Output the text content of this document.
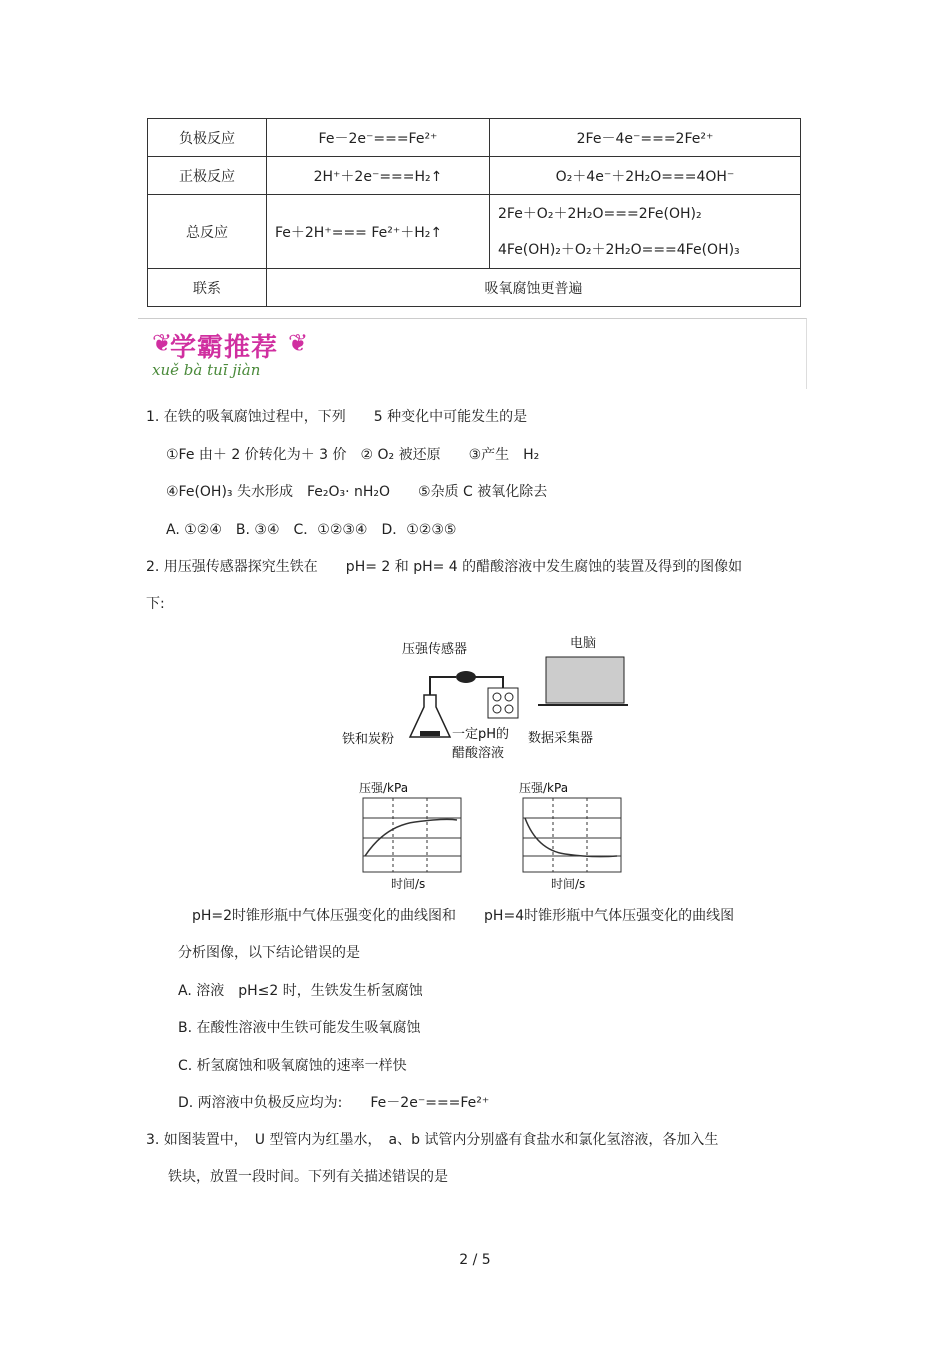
负极反应	Fe－2e⁻===Fe²⁺	2Fe－4e⁻===2Fe²⁺
正极反应	2H⁺＋2e⁻===H₂↑	O₂＋4e⁻＋2H₂O===4OH⁻
总反应	Fe＋2H⁺=== Fe²⁺＋H₂↑	2Fe＋O₂＋2H₂O===2Fe(OH)₂
4Fe(OH)₂＋O₂＋2H₂O===4Fe(OH)₃

联系	吸氧腐蚀更普遍	
❦
学霸推荐 ❦
xuě bà tuī jiàn
1. 在铁的吸氧腐蚀过程中，下列　　5 种变化中可能发生的是
①Fe 由＋ 2 价转化为＋ 3 价　② O₂ 被还原　　③产生　H₂
④Fe(OH)₃ 失水形成　Fe₂O₃· nH₂O　　⑤杂质 C 被氧化除去
A. ①②④　B. ③④　C．①②③④　D．①②③⑤
2. 用压强传感器探究生铁在　　pH= 2 和 pH= 4 的醋酸溶液中发生腐蚀的装置及得到的图像如
下:
压强传感器	电脑
铁和炭粉	一定pH的
醋酸溶液
数据采集器
压强/kPa
时间/s
压强/kPa
时间/s
pH=2时锥形瓶中气体压强变化的曲线图和　　pH=4时锥形瓶中气体压强变化的曲线图
分析图像，以下结论错误的是
A. 溶液　pH≤2 时，生铁发生析氢腐蚀
B. 在酸性溶液中生铁可能发生吸氧腐蚀
C. 析氢腐蚀和吸氧腐蚀的速率一样快
D. 两溶液中负极反应均为:　　Fe－2e⁻===Fe²⁺
3. 如图装置中，　U 型管内为红墨水，　a、b 试管内分别盛有食盐水和氯化氢溶液，各加入生
铁块，放置一段时间。下列有关描述错误的是
2 / 5
